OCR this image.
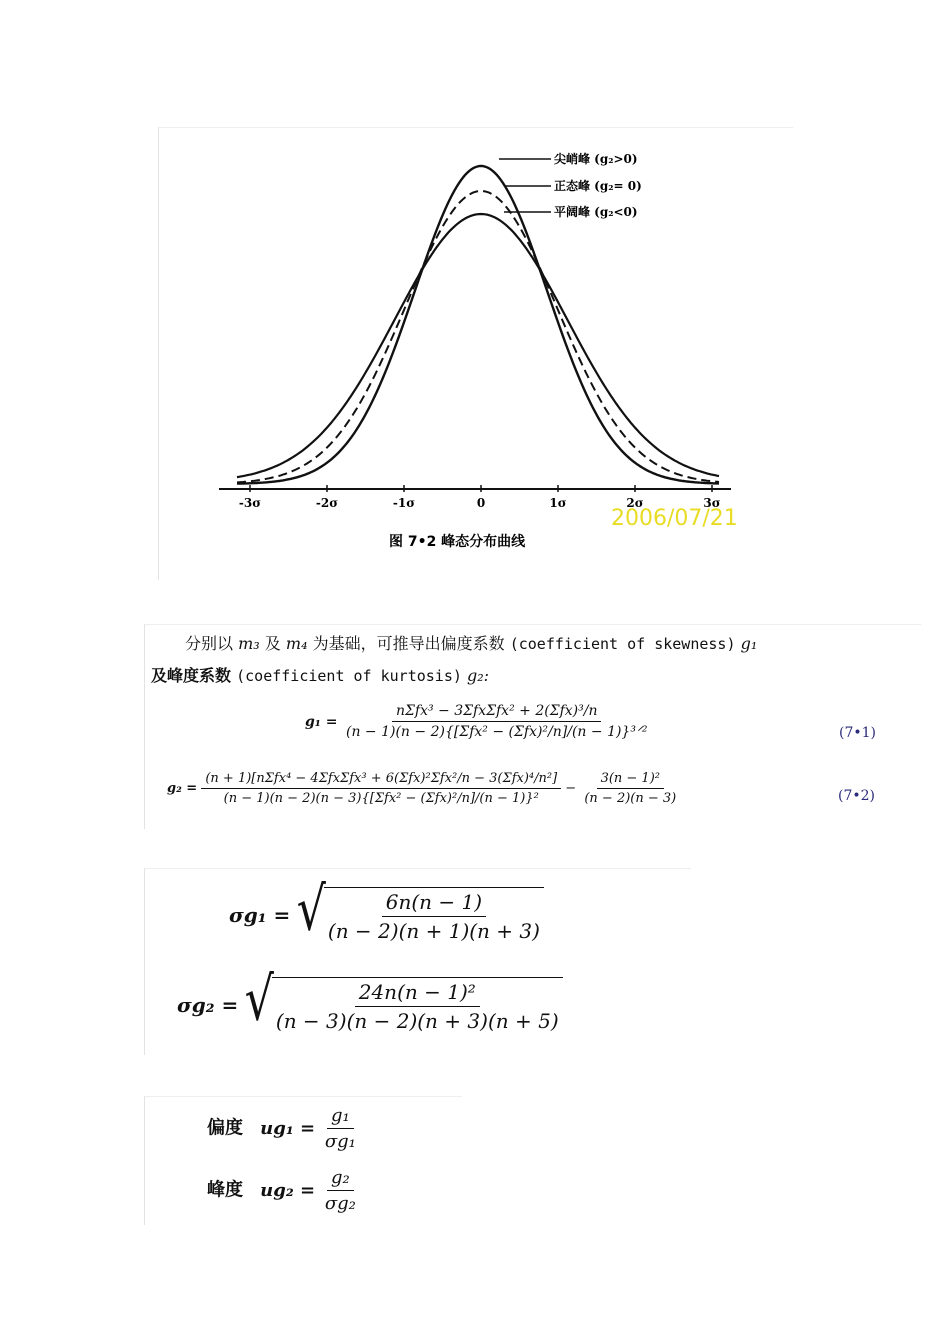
-3σ	-2σ	-1σ	0	1σ	2σ	3σ
尖峭峰 (g₂>0)
正态峰 (g₂= 0)
平阔峰 (g₂<0)
图 7•2 峰态分布曲线
2006/07/21
分别以 m₃ 及 m₄ 为基础，可推导出偏度系数 (coefficient of skewness) g₁
及峰度系数 (coefficient of kurtosis) g₂:
$g_1 = \frac{\text{nΣfx³ − 3ΣfxΣfx² + 2(Σfx)³/n}}{\text{(n − 1)(n − 2)\{[Σfx² − (Σfx)²/n]/(n − 1)\}³ᐟ²}}$	(7•1)
$g_2 = \frac{\text{(n + 1)[nΣfx⁴ − 4ΣfxΣfx³ + 6(Σfx)²Σfx²/n − 3(Σfx)⁴/n²]}}{\text{(n − 1)(n − 2)(n − 3)\{[Σfx² − (Σfx)²/n]/(n − 1)\}²}} - \frac{\text{3(n − 1)²}}{(n - 2)(n - 3)}$	(7•2)
σg₁ = √
$\frac{6n(n - 1)}{(n - 2)(n + 1)(n + 3)}$
σg₂ = √
$\frac{\text{24n(n − 1)²}}{(n - 3)(n - 2)(n + 3)(n + 5)}$
偏度 $ug_1 = \frac{\text{g₁}}{\text{σg₁}}$
峰度 $ug_2 = \frac{\text{g₂}}{\text{σg₂}}$
